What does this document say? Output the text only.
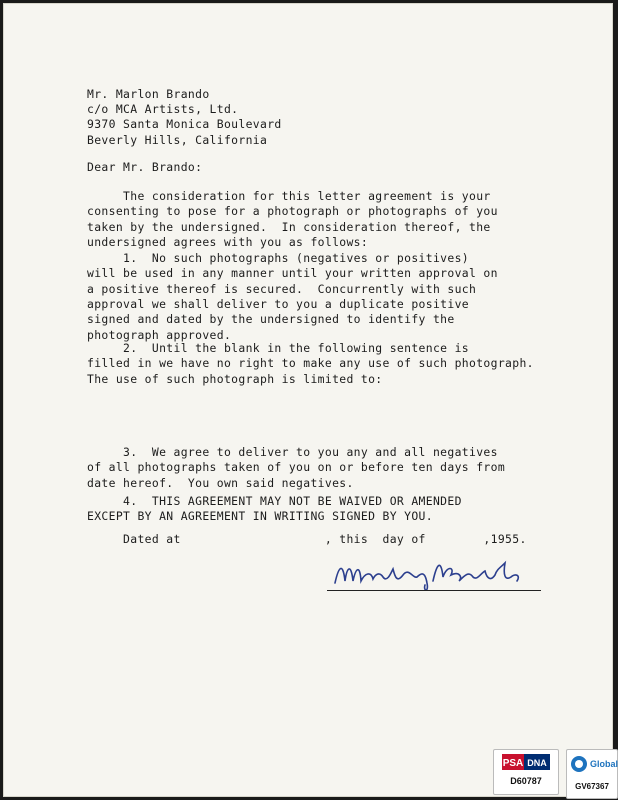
Mr. Marlon Brando
c/o MCA Artists, Ltd.
9370 Santa Monica Boulevard
Beverly Hills, California
Dear Mr. Brando:
The consideration for this letter agreement is your
consenting to pose for a photograph or photographs of you
taken by the undersigned.  In consideration thereof, the
undersigned agrees with you as follows:
1.  No such photographs (negatives or positives)
will be used in any manner until your written approval on
a positive thereof is secured.  Concurrently with such
approval we shall deliver to you a duplicate positive
signed and dated by the undersigned to identify the
photograph approved.
2.  Until the blank in the following sentence is
filled in we have no right to make any use of such photograph.
The use of such photograph is limited to:
3.  We agree to deliver to you any and all negatives
of all photographs taken of you on or before ten days from
date hereof.  You own said negatives.
4.  THIS AGREEMENT MAY NOT BE WAIVED OR AMENDED
EXCEPT BY AN AGREEMENT IN WRITING SIGNED BY YOU.
Dated at                    , this  day of        ,1955.
PSA DNA
D60787
Global
GV67367
